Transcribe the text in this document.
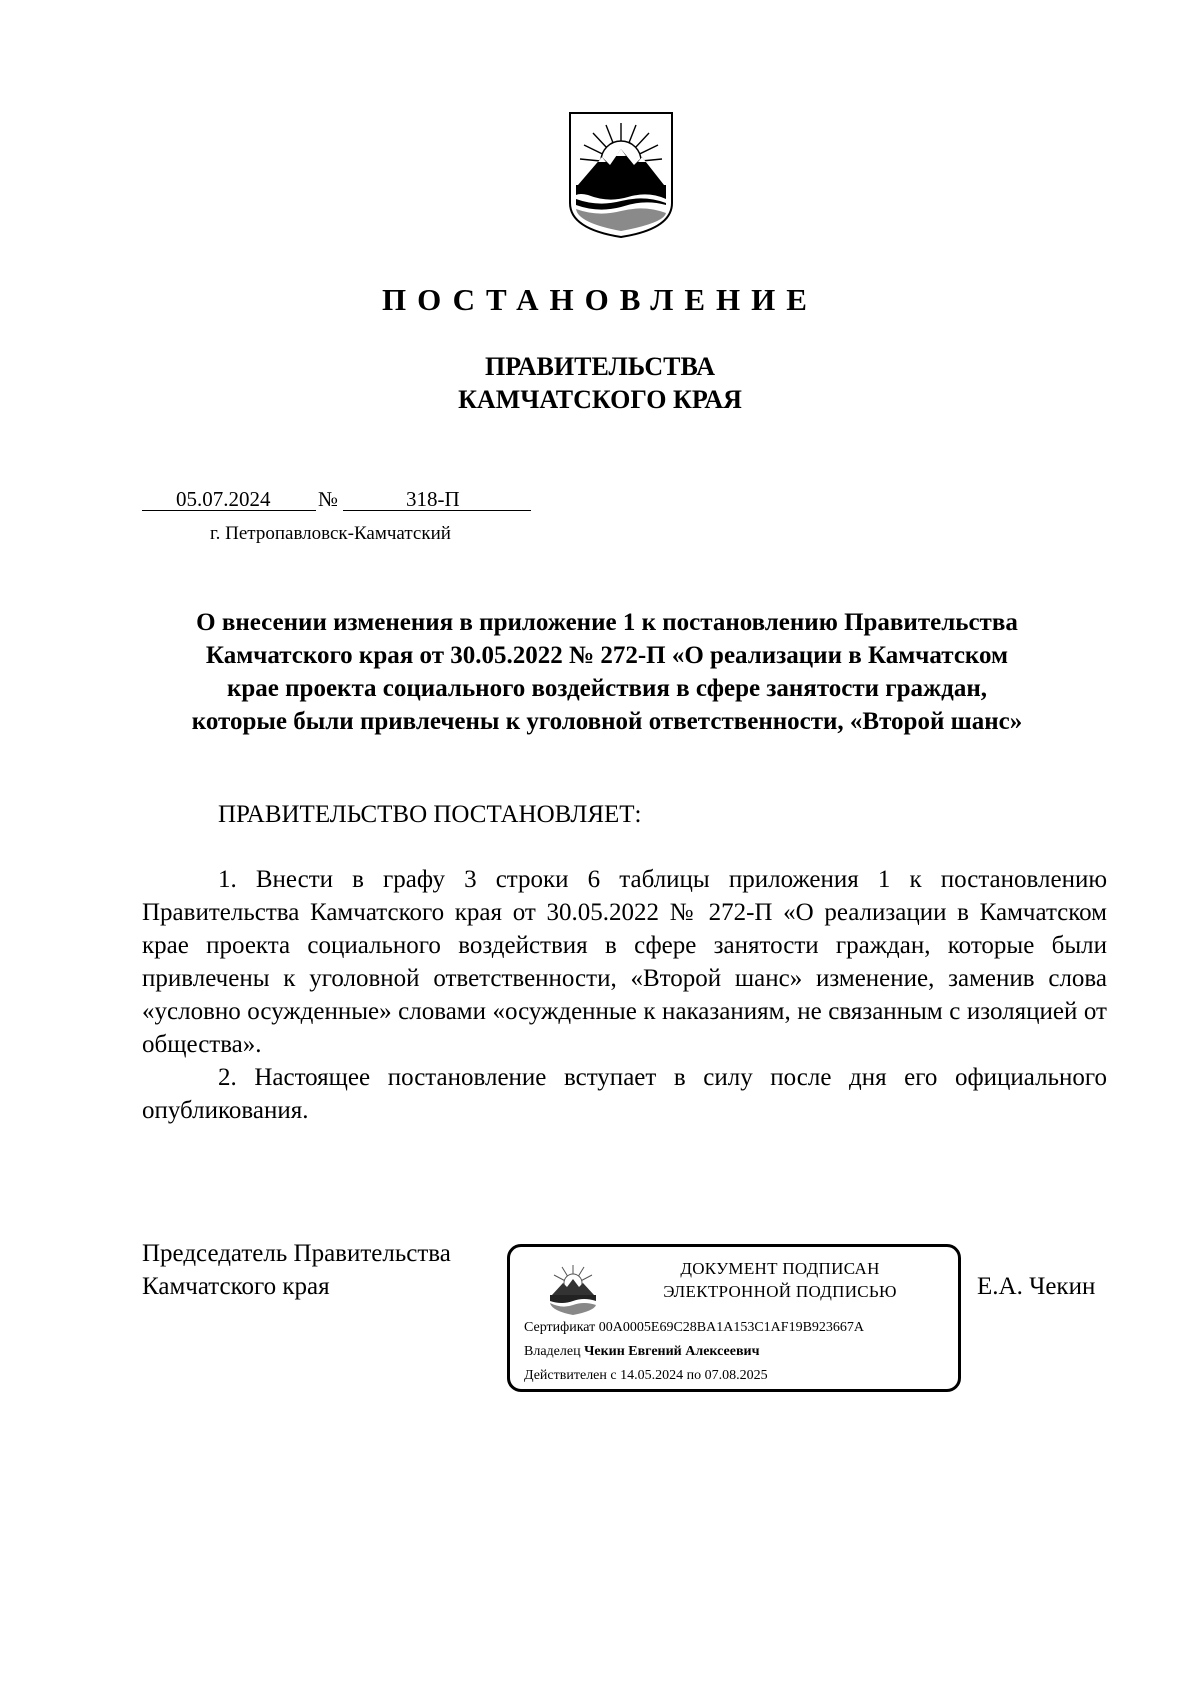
ПОСТАНОВЛЕНИЕ
ПРАВИТЕЛЬСТВА
КАМЧАТСКОГО КРАЯ
05.07.2024 №	318-П
г. Петропавловск-Камчатский
О внесении изменения в приложение 1 к постановлению Правительства
Камчатского края от 30.05.2022 № 272-П «О реализации в Камчатском
крае проекта социального воздействия в сфере занятости граждан,
которые были привлечены к уголовной ответственности, «Второй шанс»
ПРАВИТЕЛЬСТВО ПОСТАНОВЛЯЕТ:

1. Внести в графу 3 строки 6 таблицы приложения 1 к постановлению Правительства Камчатского края от 30.05.2022 № 272-П «О реализации в Камчатском крае проекта социального воздействия в сфере занятости граждан, которые были привлечены к уголовной ответственности, «Второй шанс» изменение, заменив слова «условно осужденные» словами «осужденные к наказаниям, не связанным с изоляцией от общества».

2. Настоящее постановление вступает в силу после дня его официального опубликования.

Председатель Правительства
Камчатского края
ДОКУМЕНТ ПОДПИСАН
ЭЛЕКТРОННОЙ ПОДПИСЬЮ
Сертификат 00A0005E69C28BA1A153C1AF19B923667A
Владелец Чекин Евгений Алексеевич
Действителен с 14.05.2024 по 07.08.2025
Е.А. Чекин
